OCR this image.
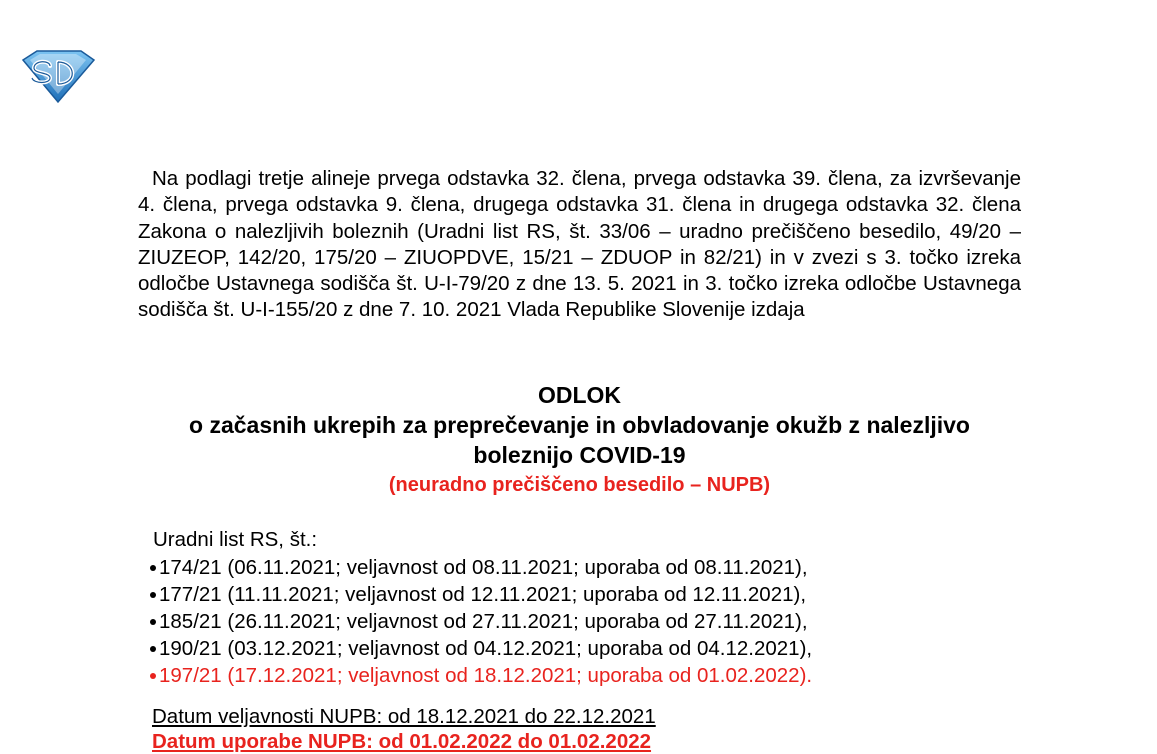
Na podlagi tretje alineje prvega odstavka 32. člena, prvega odstavka 39. člena, za izvrševanje 4. člena, prvega odstavka 9. člena, drugega odstavka 31. člena in drugega odstavka 32. člena Zakona o nalezljivih boleznih (Uradni list RS, št. 33/06 – uradno prečiščeno besedilo, 49/20 – ZIUZEOP, 142/20, 175/20 – ZIUOPDVE, 15/21 – ZDUOP in 82/21) in v zvezi s 3. točko izreka odločbe Ustavnega sodišča št. U-I-79/20 z dne 13. 5. 2021 in 3. točko izreka odločbe Ustavnega sodišča št. U-I-155/20 z dne 7. 10. 2021 Vlada Republike Slovenije izdaja

ODLOK
o začasnih ukrepih za preprečevanje in obvladovanje okužb z nalezljivo boleznijo COVID-19
(neuradno prečiščeno besedilo – NUPB)

Uradni list RS, št.:

174/21 (06.11.2021; veljavnost od 08.11.2021; uporaba od 08.11.2021),
177/21 (11.11.2021; veljavnost od 12.11.2021; uporaba od 12.11.2021),
185/21 (26.11.2021; veljavnost od 27.11.2021; uporaba od 27.11.2021),
190/21 (03.12.2021; veljavnost od 04.12.2021; uporaba od 04.12.2021),
197/21 (17.12.2021; veljavnost od 18.12.2021; uporaba od 01.02.2022).

Datum veljavnosti NUPB: od 18.12.2021 do 22.12.2021

Datum uporabe NUPB: od 01.02.2022 do 01.02.2022
